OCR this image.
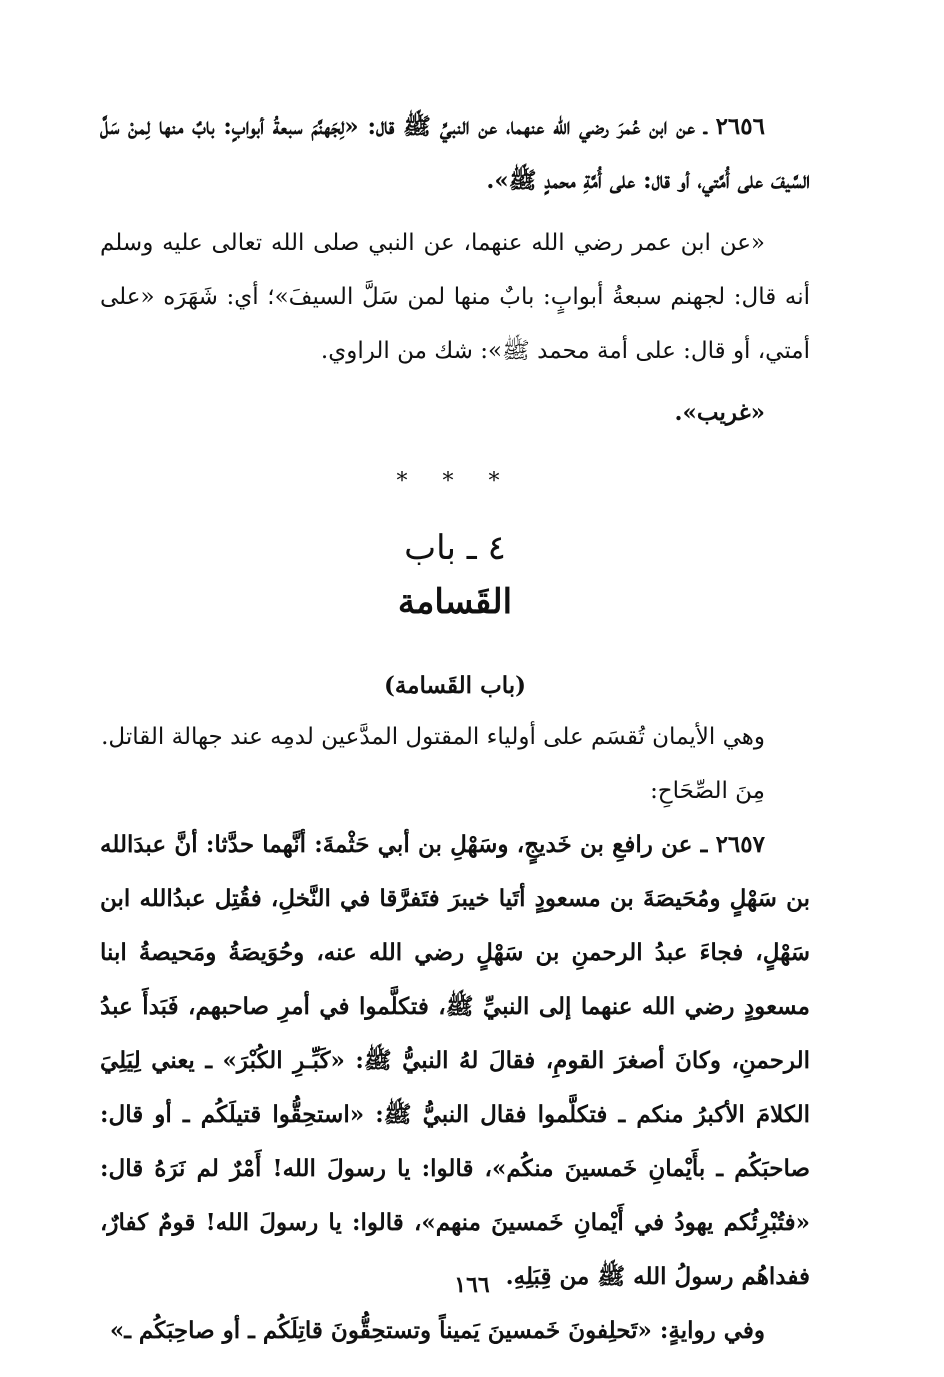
٢٦٥٦ ـ عن ابن عُمرَ رضي الله عنهما، عن النبيِّ ﷺ قال: «لِجَهنَّمَ سبعةُ أبوابٍ: بابٌ منها لِمنْ سَلَّ السَّيفَ على أُمَّتي، أو قال: على أُمَّةِ محمدٍ ﷺ».

«عن ابن عمر رضي الله عنهما، عن النبي صلى الله تعالى عليه وسلم أنه قال: لجهنم سبعةُ أبوابٍ: بابٌ منها لمن سَلَّ السيفَ»؛ أي: شَهَرَه «على أمتي، أو قال: على أمة محمد ﷺ»: شك من الراوي.

«غريب».

* * *
٤ ـ باب
القَسامة
(باب القَسامة)

وهي الأيمان تُقسَم على أولياء المقتول المدَّعين لدمِه عند جهالة القاتل.

مِنَ الصِّحَاحِ:

٢٦٥٧ ـ عن رافعِ بن خَديجٍ، وسَهْلِ بن أبي حَثْمةَ: أنَّهما حدَّثا: أنَّ عبدَالله بن سَهْلٍ ومُحَيصَةَ بن مسعودٍ أتَيا خيبرَ فتَفرَّقا في النَّخلِ، فقُتِل عبدُالله ابن سَهْلٍ، فجاءَ عبدُ الرحمنِ بن سَهْلٍ رضي الله عنه، وحُوَيصَةُ ومَحيصةُ ابنا مسعودٍ رضي الله عنهما إلى النبيِّ ﷺ، فتكلَّموا في أمرِ صاحبهم، فَبَدأَ عبدُ الرحمنِ، وكانَ أصغرَ القومِ، فقالَ لهُ النبيُّ ﷺ: «كَبِّـرِ الكُبْرَ» ـ يعني لِيَلِيَ الكلامَ الأكبرُ منكم ـ فتكلَّموا فقال النبيُّ ﷺ: «استحِقُّوا قتيلَكُم ـ أو قال: صاحبَكُم ـ بأَيْمانِ خَمسينَ منكُم»، قالوا: يا رسولَ الله! أَمْرٌ لم نَرَهُ قال: «فتُبْرِئُكم يهودُ في أَيْمانِ خَمسينَ منهم»، قالوا: يا رسولَ الله! قومٌ كفارٌ، ففداهُم رسولُ الله ﷺ من قِبَلِهِ.

وفي روايةٍ: «تَحلِفونَ خَمسينَ يَميناً وتستحِقُّونَ قاتِلَكُم ـ أو صاحِبَكُم ـ»

١٦٦
